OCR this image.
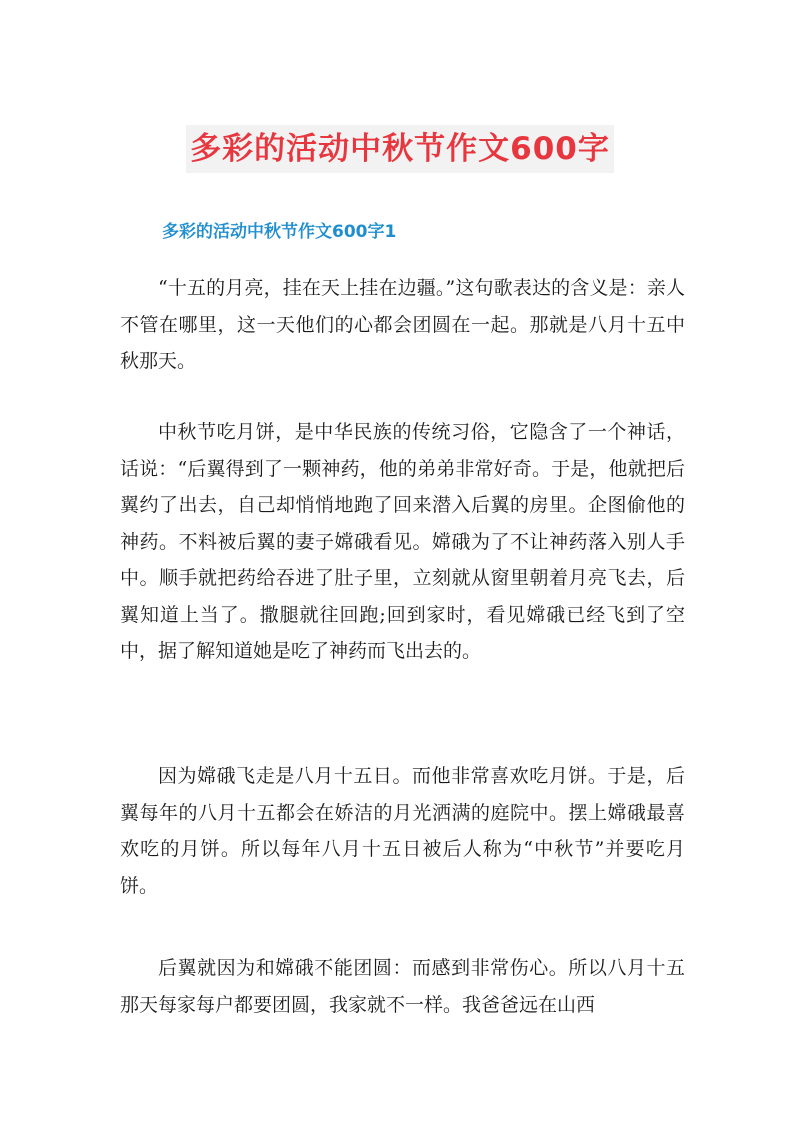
多彩的活动中秋节作文600字
多彩的活动中秋节作文600字1

“十五的月亮，挂在天上挂在边疆。”这句歌表达的含义是：亲人不管在哪里，这一天他们的心都会团圆在一起。那就是八月十五中秋那天。

中秋节吃月饼，是中华民族的传统习俗，它隐含了一个神话，话说：“后翼得到了一颗神药，他的弟弟非常好奇。于是，他就把后翼约了出去，自己却悄悄地跑了回来潜入后翼的房里。企图偷他的神药。不料被后翼的妻子嫦硪看见。嫦硪为了不让神药落入别人手中。顺手就把药给吞进了肚子里，立刻就从窗里朝着月亮飞去，后翼知道上当了。撒腿就往回跑;回到家时，看见嫦硪已经飞到了空中，据了解知道她是吃了神药而飞出去的。

因为嫦硪飞走是八月十五日。而他非常喜欢吃月饼。于是，后翼每年的八月十五都会在娇洁的月光洒满的庭院中。摆上嫦硪最喜欢吃的月饼。所以每年八月十五日被后人称为“中秋节”并要吃月饼。

后翼就因为和嫦硪不能团圆：而感到非常伤心。所以八月十五那天每家每户都要团圆，我家就不一样。我爸爸远在山西
